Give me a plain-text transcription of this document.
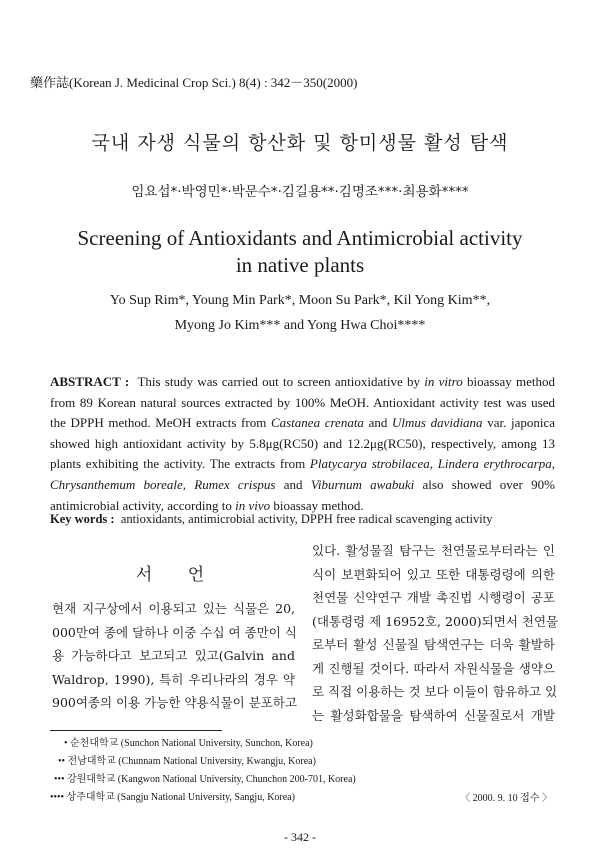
藥作誌(Korean J. Medicinal Crop Sci.) 8(4) : 342－350(2000)
국내 자생 식물의 항산화 및 항미생물 활성 탐색
임요섭*·박영민*·박문수*·김길용**·김명조***·최용화****
Screening of Antioxidants and Antimicrobial activity
in native plants
Yo Sup Rim*, Young Min Park*, Moon Su Park*, Kil Yong Kim**,
Myong Jo Kim*** and Yong Hwa Choi****
ABSTRACT : This study was carried out to screen antioxidative by in vitro bioassay method from 89 Korean natural sources extracted by 100% MeOH. Antioxidant activity test was used the DPPH method. MeOH extracts from Castanea crenata and Ulmus davidiana var. japonica showed high antioxidant activity by 5.8μg(RC50) and 12.2μg(RC50), respectively, among 13 plants exhibiting the activity. The extracts from Platycarya strobilacea, Lindera erythrocarpa, Chrysanthemum boreale, Rumex crispus and Viburnum awabuki also showed over 90% antimicrobial activity, according to in vivo bioassay method.
Key words : antioxidants, antimicrobial activity, DPPH free radical scavenging activity
서 언
현재 지구상에서 이용되고 있는 식물은 20,
000만여 종에 달하나 이중 수십 여 종만이 식
용 가능하다고 보고되고 있고(Galvin and
Waldrop, 1990), 특히 우리나라의 경우 약
900여종의 이용 가능한 약용식물이 분포하고
있다. 활성물질 탐구는 천연물로부터라는 인
식이 보편화되어 있고 또한 대통령령에 의한
천연물 신약연구 개발 촉진법 시행령이 공포
(대통령령 제 16952호, 2000)되면서 천연물
로부터 활성 신물질 탐색연구는 더욱 활발하
게 진행될 것이다. 따라서 자원식물을 생약으
로 직접 이용하는 것 보다 이들이 함유하고 있
는 활성화합물을 탐색하여 신물질로서 개발
• 순천대학교 (Sunchon National University, Sunchon, Korea)
•• 전남대학교 (Chunnam National University, Kwangju, Korea)
••• 강원대학교 (Kangwon National University, Chunchon 200-701, Korea)
•••• 상주대학교 (Sangju National University, Sangju, Korea)	〈 2000. 9. 10 접수 〉
- 342 -
